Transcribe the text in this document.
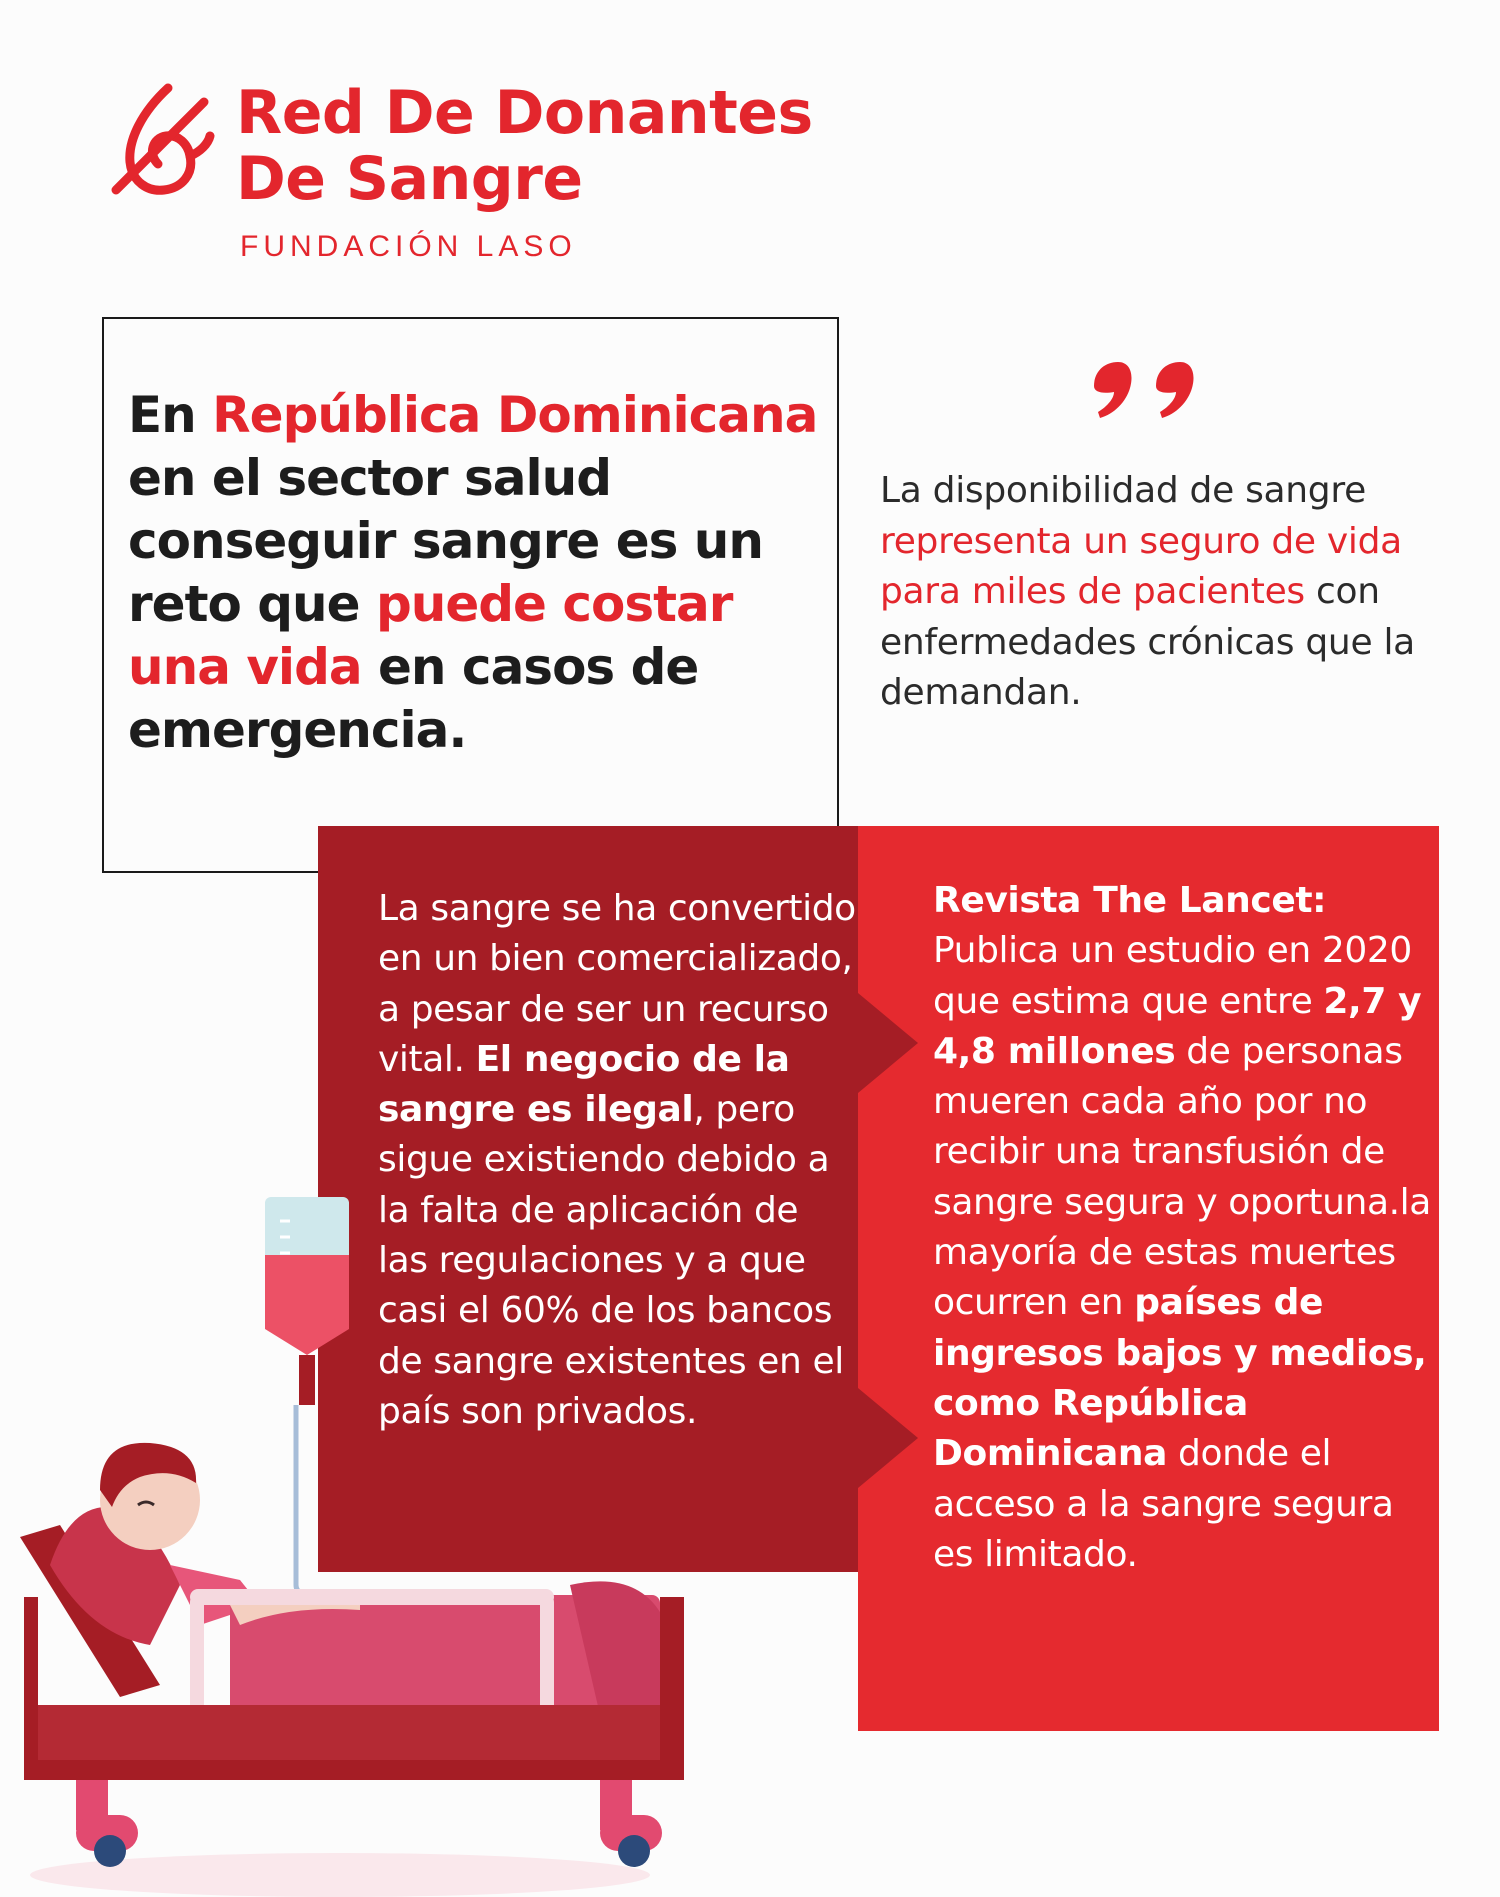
Red De Donantes
De Sangre

FUNDACIÓN LASO

En República Dominicana en el sector salud conseguir sangre es un reto que puede costar una vida en casos de emergencia.

La disponibilidad de sangre representa un seguro de vida para miles de pacientes con enfermedades crónicas que la demandan.

Revista The Lancet: Publica un estudio en 2020 que estima que entre 2,7 y 4,8 millones de personas mueren cada año por no recibir una transfusión de sangre segura y oportuna.la mayoría de estas muertes ocurren en países de ingresos bajos y medios, como República Dominicana donde el acceso a la sangre segura es limitado.

La sangre se ha convertido en un bien comercializado, a pesar de ser un recurso vital. El negocio de la sangre es ilegal, pero sigue existiendo debido a la falta de aplicación de las regulaciones y a que casi el 60% de los bancos de sangre existentes en el país son privados.
